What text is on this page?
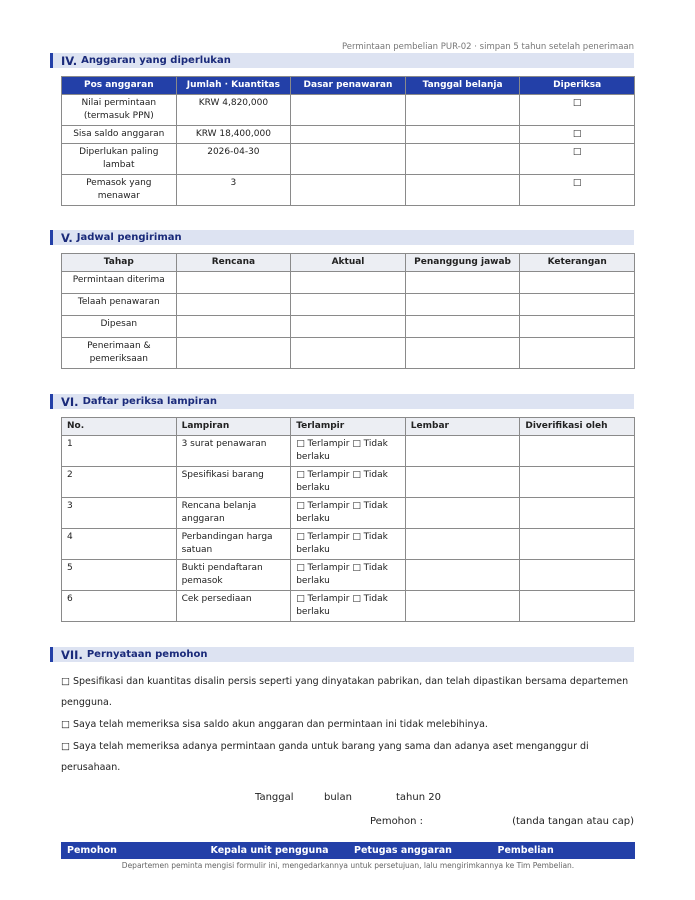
Permintaan pembelian PUR-02 · simpan 5 tahun setelah penerimaan
IV. Anggaran yang diperlukan
Pos anggaran	Jumlah · Kuantitas	Dasar penawaran	Tanggal belanja	Diperiksa
Nilai permintaan (termasuk PPN)	KRW 4,820,000			□
Sisa saldo anggaran	KRW 18,400,000			□
Diperlukan paling lambat	2026-04-30			□
Pemasok yang menawar	3			□
V. Jadwal pengiriman
Tahap	Rencana	Aktual	Penanggung jawab	Keterangan
Permintaan diterima				
Telaah penawaran				
Dipesan				
Penerimaan & pemeriksaan				
VI. Daftar periksa lampiran
No.	Lampiran	Terlampir	Lembar	Diverifikasi oleh
1	3 surat penawaran	□ Terlampir □ Tidak berlaku		
2	Spesifikasi barang	□ Terlampir □ Tidak berlaku		
3	Rencana belanja anggaran	□ Terlampir □ Tidak berlaku		
4	Perbandingan harga satuan	□ Terlampir □ Tidak berlaku		
5	Bukti pendaftaran pemasok	□ Terlampir □ Tidak berlaku		
6	Cek persediaan	□ Terlampir □ Tidak berlaku		
VII. Pernyataan pemohon
□ Spesifikasi dan kuantitas disalin persis seperti yang dinyatakan pabrikan, dan telah dipastikan bersama departemen pengguna.
□ Saya telah memeriksa sisa saldo akun anggaran dan permintaan ini tidak melebihinya.
□ Saya telah memeriksa adanya permintaan ganda untuk barang yang sama dan adanya aset menganggur di perusahaan.
Tanggal	bulan	tahun 20
Pemohon :	(tanda tangan atau cap)
Pemohon	Kepala unit pengguna	Petugas anggaran	Pembelian
Departemen peminta mengisi formulir ini, mengedarkannya untuk persetujuan, lalu mengirimkannya ke Tim Pembelian.
